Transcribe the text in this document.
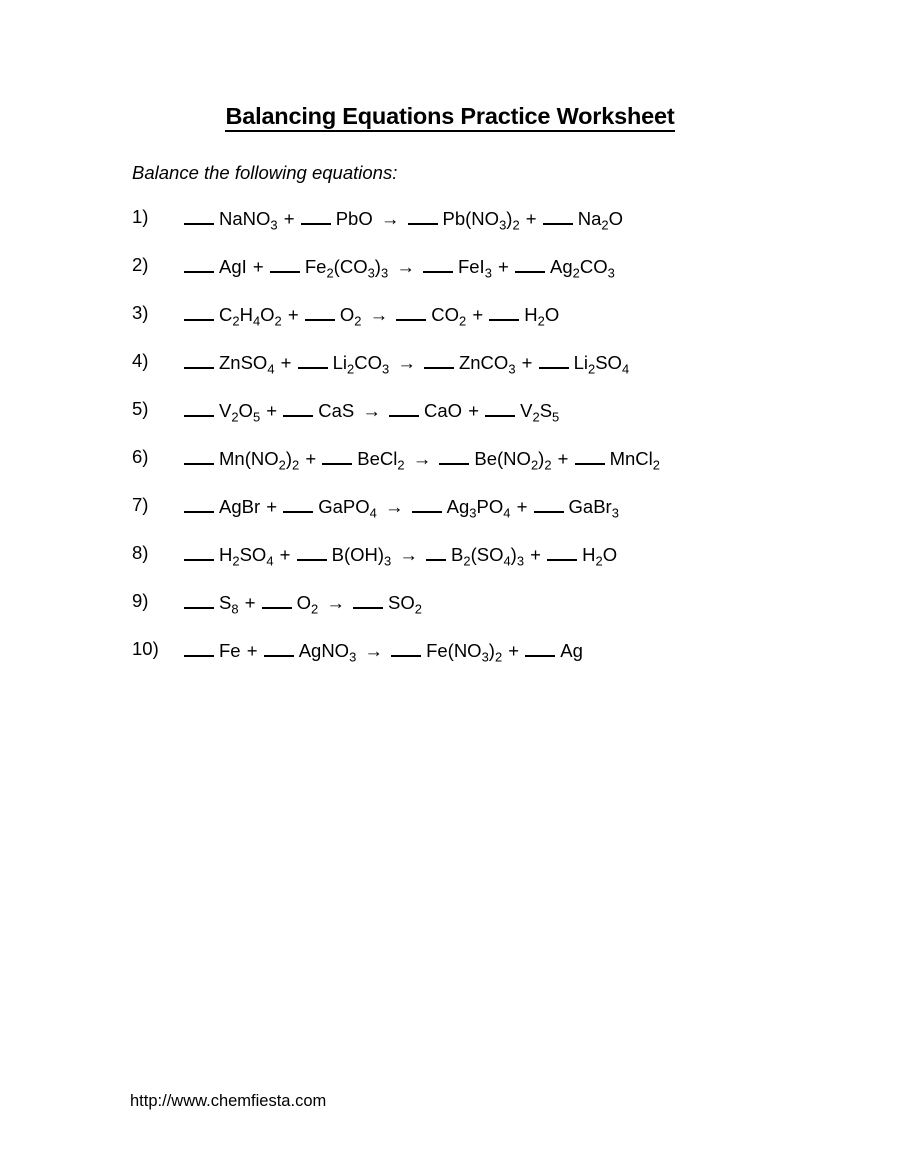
Balancing Equations Practice Worksheet
Balance the following equations:
1)	NaNO$_3$ + PbO → $Pb(NO_3)_2 + Na_2O$
2)	AgI + $Fe_2(CO_3)_3 \to FeI_3 + Ag_2CO_3$
3)	$C_2H_4O_2 + O_2 \to CO_2 + H_2O$
4)	ZnSO$_4$ + $Li_2CO_3$ → ZnCO$_3$ + $Li_2SO_4$
5)	$V_2O_5$ + CaS → CaO + $V_2S_5$
6)	$Mn(NO_2)_2$ + BeCl$_2$ → $Be(NO_2)_2$ + MnCl$_2$
7)	AgBr + GaPO$_4$ → $Ag_3PO_4$ + GaBr$_3$
8)	$H_2SO_4 + B(OH)_3 \to B_2(SO_4)_3 + H_2O$
9)	$S_8 + O_2 \to SO_2$
10)	Fe + AgNO$_3$ → $Fe(NO_3)_2 + Ag$
http://www.chemfiesta.com
